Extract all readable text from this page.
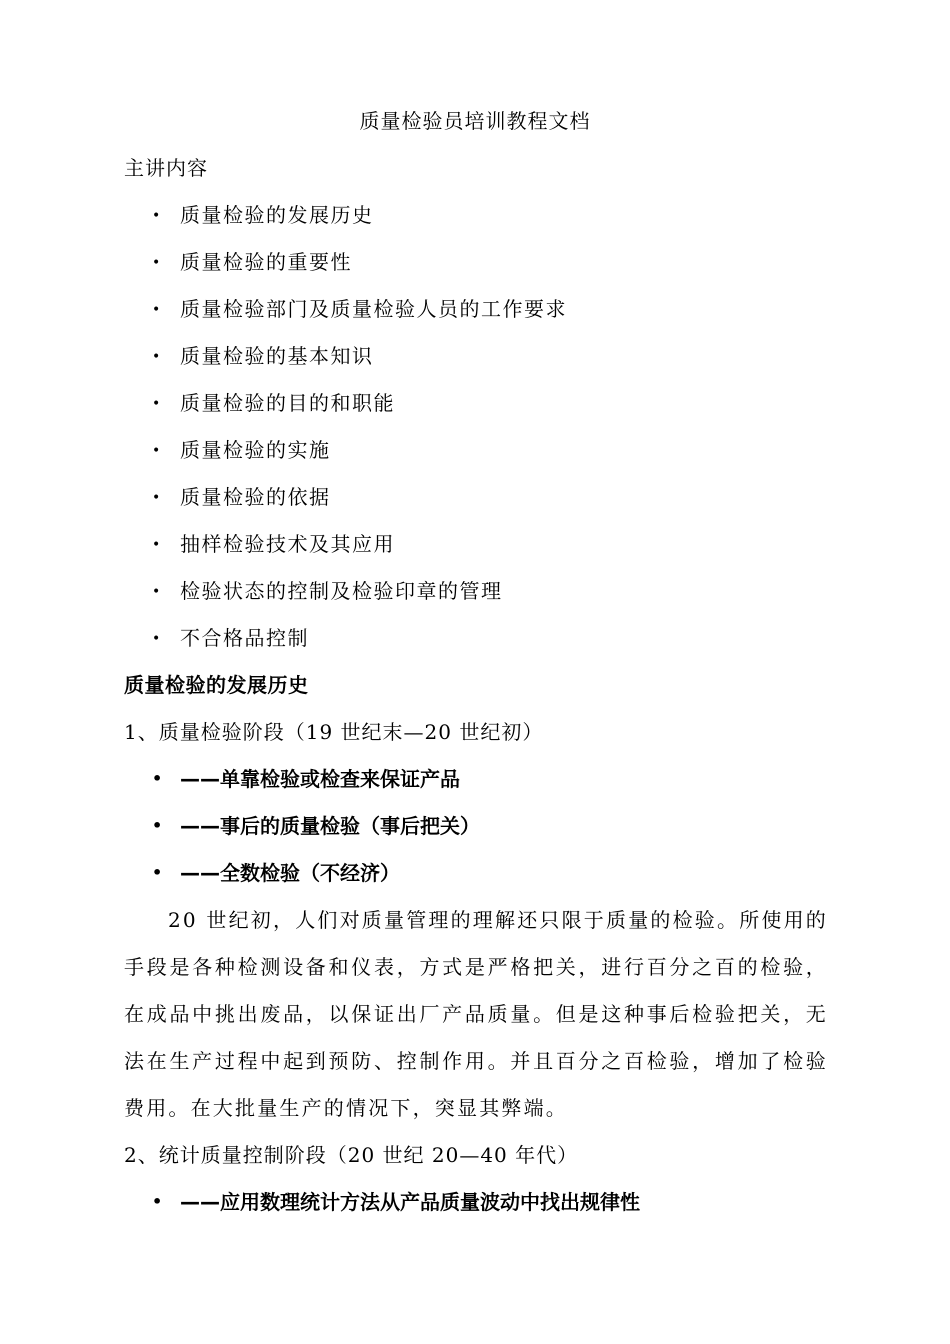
质量检验员培训教程文档
主讲内容
• 质量检验的发展历史
• 质量检验的重要性
• 质量检验部门及质量检验人员的工作要求
• 质量检验的基本知识
• 质量检验的目的和职能
• 质量检验的实施
• 质量检验的依据
• 抽样检验技术及其应用
• 检验状态的控制及检验印章的管理
• 不合格品控制
质量检验的发展历史
1、质量检验阶段（19 世纪末—20 世纪初）
• ——单靠检验或检查来保证产品
• ——事后的质量检验（事后把关）
• ——全数检验（不经济）
20 世纪初，人们对质量管理的理解还只限于质量的检验。所使用的
手段是各种检测设备和仪表，方式是严格把关，进行百分之百的检验，
在成品中挑出废品，以保证出厂产品质量。但是这种事后检验把关，无
法在生产过程中起到预防、控制作用。并且百分之百检验，增加了检验
费用。在大批量生产的情况下，突显其弊端。
2、统计质量控制阶段（20 世纪 20—40 年代）
• ——应用数理统计方法从产品质量波动中找出规律性
